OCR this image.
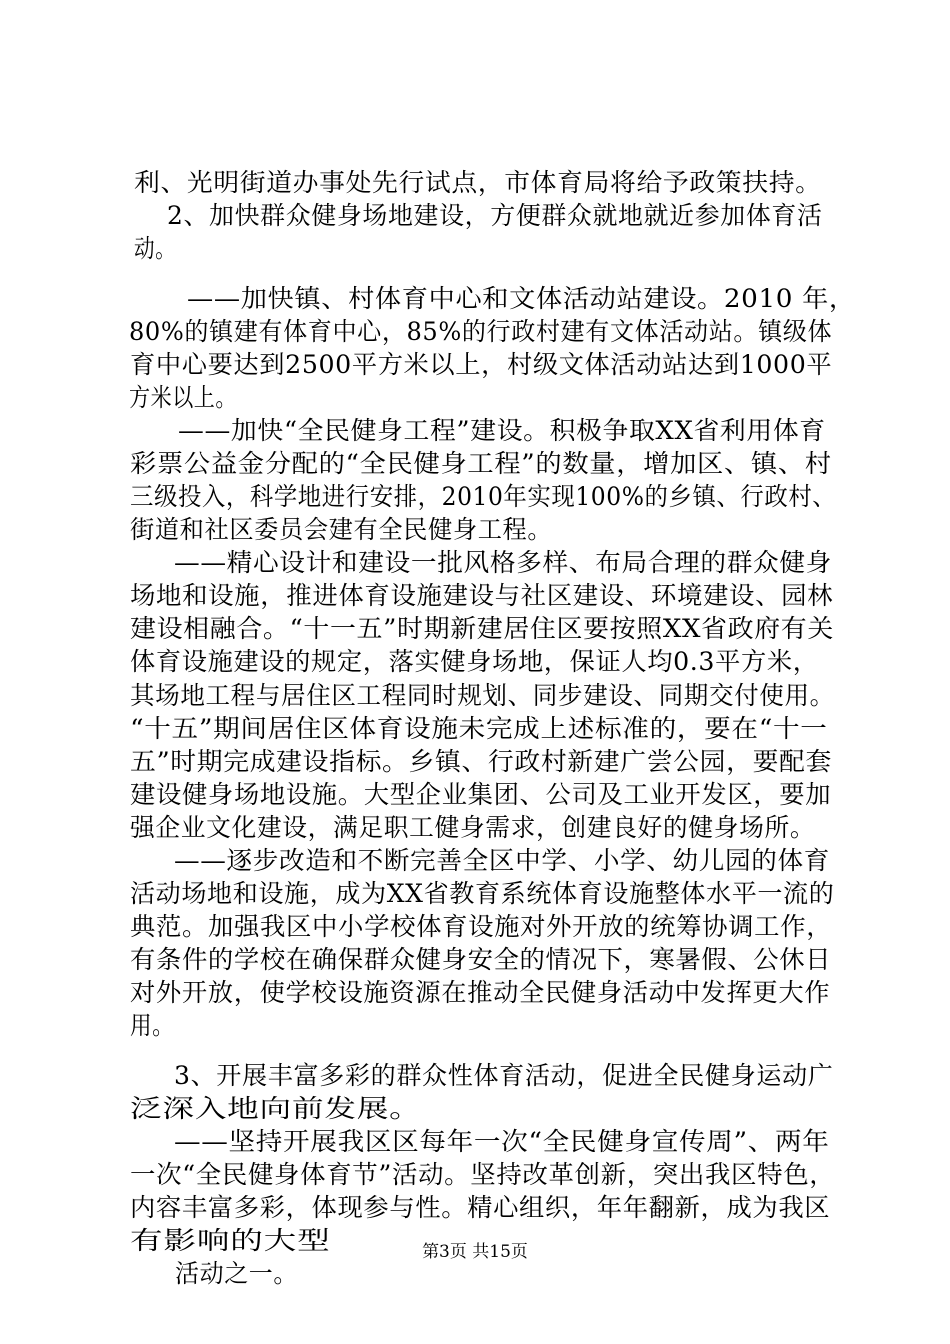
利、光明街道办事处先行试点，市体育局将给予政策扶持。
2、加快群众健身场地建设，方便群众就地就近参加体育活
动。
——加快镇、村体育中心和文体活动站建设。2010 年，
80%的镇建有体育中心，85%的行政村建有文体活动站。镇级体
育中心要达到2500平方米以上，村级文体活动站达到1000平
方米以上。
——加快“全民健身工程”建设。积极争取XX省利用体育
彩票公益金分配的“全民健身工程”的数量，增加区、镇、村
三级投入，科学地进行安排，2010年实现100%的乡镇、行政村、
街道和社区委员会建有全民健身工程。
——精心设计和建设一批风格多样、布局合理的群众健身
场地和设施，推进体育设施建设与社区建设、环境建设、园林
建设相融合。“十一五”时期新建居住区要按照XX省政府有关
体育设施建设的规定，落实健身场地，保证人均0.3平方米，
其场地工程与居住区工程同时规划、同步建设、同期交付使用。
“十五”期间居住区体育设施未完成上述标准的，要在“十一
五”时期完成建设指标。乡镇、行政村新建广尝公园，要配套
建设健身场地设施。大型企业集团、公司及工业开发区，要加
强企业文化建设，满足职工健身需求，创建良好的健身场所。
——逐步改造和不断完善全区中学、小学、幼儿园的体育
活动场地和设施，成为XX省教育系统体育设施整体水平一流的
典范。加强我区中小学校体育设施对外开放的统筹协调工作，
有条件的学校在确保群众健身安全的情况下，寒暑假、公休日
对外开放，使学校设施资源在推动全民健身活动中发挥更大作
用。
3、开展丰富多彩的群众性体育活动，促进全民健身运动广
泛深入地向前发展。
——坚持开展我区区每年一次“全民健身宣传周”、两年
一次“全民健身体育节”活动。坚持改革创新，突出我区特色，
内容丰富多彩，体现参与性。精心组织，年年翻新，成为我区
有影响的大型
活动之一。
第3页 共15页
